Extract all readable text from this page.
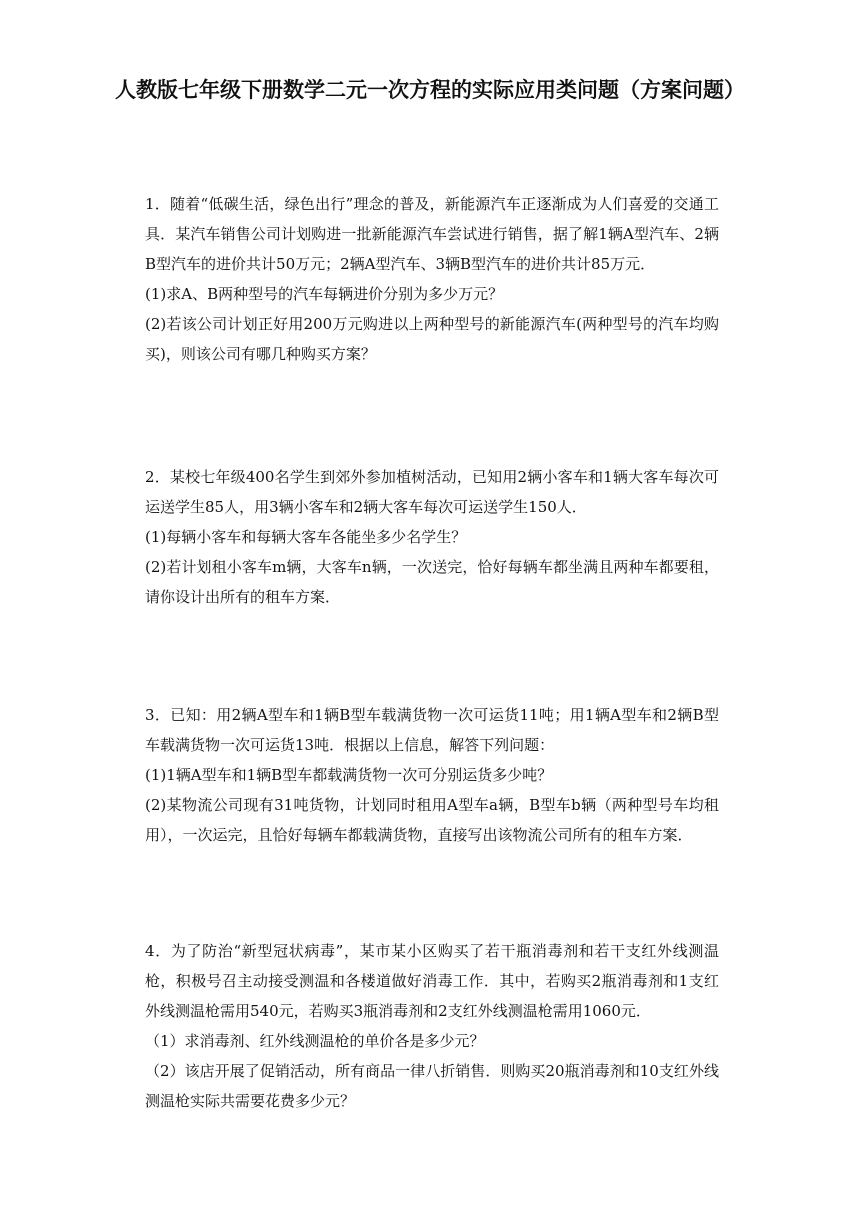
人教版七年级下册数学二元一次方程的实际应用类问题（方案问题）

1．随着“低碳生活，绿色出行”理念的普及，新能源汽车正逐渐成为人们喜爱的交通工具．某汽车销售公司计划购进一批新能源汽车尝试进行销售，据了解1辆A型汽车、2辆B型汽车的进价共计50万元；2辆A型汽车、3辆B型汽车的进价共计85万元．

(1)求A、B两种型号的汽车每辆进价分别为多少万元？

(2)若该公司计划正好用200万元购进以上两种型号的新能源汽车(两种型号的汽车均购买)，则该公司有哪几种购买方案？

2．某校七年级400名学生到郊外参加植树活动，已知用2辆小客车和1辆大客车每次可运送学生85人，用3辆小客车和2辆大客车每次可运送学生150人．

(1)每辆小客车和每辆大客车各能坐多少名学生？

(2)若计划租小客车m辆，大客车n辆，一次送完，恰好每辆车都坐满且两种车都要租，请你设计出所有的租车方案．

3．已知：用2辆A型车和1辆B型车载满货物一次可运货11吨；用1辆A型车和2辆B型车载满货物一次可运货13吨．根据以上信息，解答下列问题：

(1)1辆A型车和1辆B型车都载满货物一次可分别运货多少吨？

(2)某物流公司现有31吨货物，计划同时租用A型车a辆，B型车b辆（两种型号车均租用），一次运完，且恰好每辆车都载满货物，直接写出该物流公司所有的租车方案．

4．为了防治“新型冠状病毒”，某市某小区购买了若干瓶消毒剂和若干支红外线测温枪，积极号召主动接受测温和各楼道做好消毒工作．其中，若购买2瓶消毒剂和1支红外线测温枪需用540元，若购买3瓶消毒剂和2支红外线测温枪需用1060元．

（1）求消毒剂、红外线测温枪的单价各是多少元？

（2）该店开展了促销活动，所有商品一律八折销售．则购买20瓶消毒剂和10支红外线测温枪实际共需要花费多少元？
